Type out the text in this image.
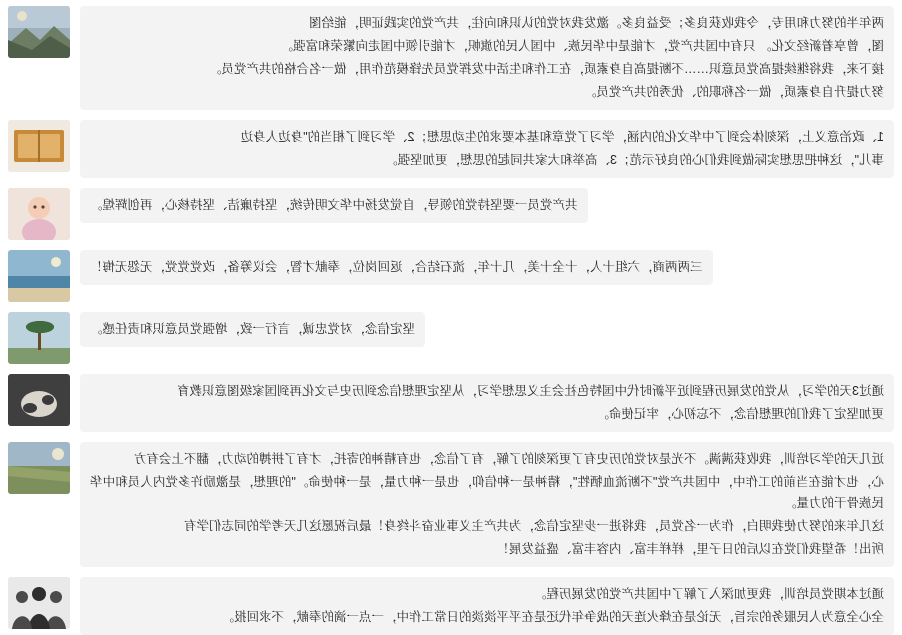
两年半的努力和用专，令我收获良多；受益良多。激发我对党的认识和向往，共产党的实践证明，能给图

图，曾享着新经文化。 只有中国共产党，才能是中华民族、中国人民的旗帜，才能引领中国走向繁荣和富强。

接下来，我将继续提高党员意识……不断提高自身素质，在工作和生活中发挥党员先锋模范作用，做一名合格的共产党员。

努力提升自身素质，做一名称职的、优秀的共产党员。

1、政治意义上，深刻体会到了中华文化的内涵，学习了党章和基本要求的生动思想；2、学习到了相当的"身边人身边

事儿"，这种把思想实际做到我们心的良好示范；3、高举和大家共同起的思想，更加坚强。

共产党员一要坚持党的领导，自觉发扬中华文明传统，坚持廉洁、坚持核心，再创辉煌。

三两两商，六组十人，十全十美，几十年，流石结合，返回岗位，奉献才智，会议筹备，改党党党，无怨无悔！

坚定信念，对党忠诚，言行一致，增强党员意识和责任感。

通过3天的学习，从党的发展历程到近平新时代中国特色社会主义思想学习，从坚定理想信念到历史与文化再到国家级图意识教育

更加坚定了我们的理想信念，不忘初心，牢记使命。

近几天的学习培训，我收获满满。不光是对党的历史有了更深刻的了解，有了信念，也有精神的寄托，才有了拼搏的动力，翻不上会有方

心，也才能在当前的工作中，中国共产党"不断流血牺牲"，精神是一种信仰，也是一种力量，是一种使命。"的理想，是激励许多党内人员和中华民族骨干的力量。

这几年来的努力使我明白，作为一名党员，我将进一步坚定信念，为共产主义事业奋斗终身！最后祝愿这几天考学的同志们学有

所出！希望我们党在以后的日子里，样样丰富、内容丰富、盛益发展！

通过本期党员培训，我更加深入了解了中国共产党的发展历程。

全心全意为人民服务的宗旨，无论是在烽火连天的战争年代还是在平平淡淡的日常工作中，一点一滴的奉献，不求回报。
